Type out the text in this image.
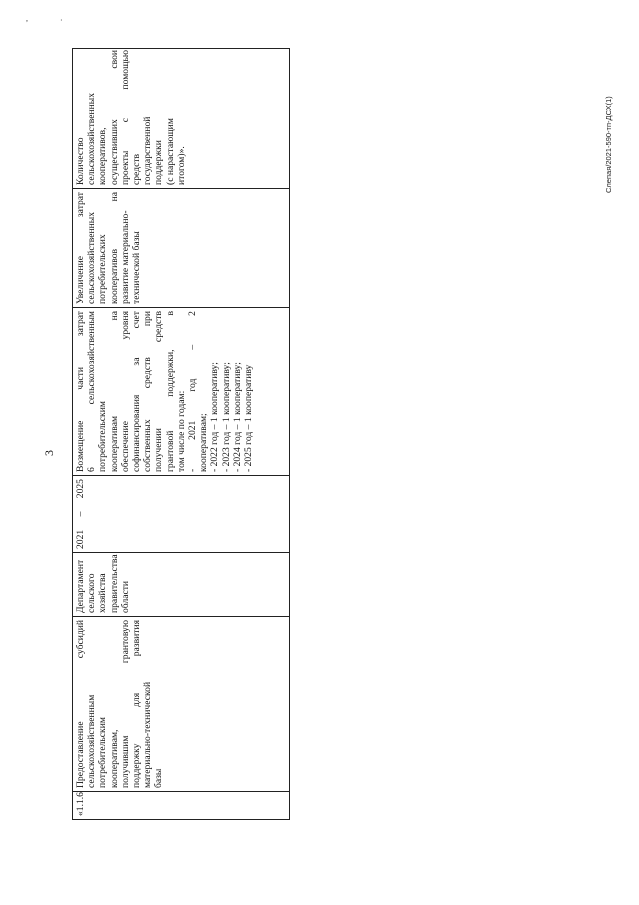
,	·
3
«1.1.6
Предоставление
субсидий
сельскохозяйственным потребительским кооперативам, получившим
грантовую
поддержку
для
развития
материально-технической базы
Департамент сельского хозяйства правительства области
2021
–
2025
Возмещение
части
затрат
6
сельскохозяйственным
потребительским кооперативам
на
обеспечение
уровня
софинансирования
за
счет
собственных
средств
при
получении
средств
грантовой
поддержки,
в
том числе по годам: -
2021
год
–
2
кооперативам; - 2022 год – 1 кооперативу; - 2023 год – 1 кооперативу; - 2024 год – 1 кооперативу; - 2025 год – 1 кооперативу
Увеличение
затрат
сельскохозяйственных потребительских кооперативов
на
развитие материально- технической базы
Количество сельскохозяйственных кооперативов, осуществивших
свои
проекты
с
помощью
средств государственной поддержки (с нарастающим итогом)».	Слепая/2021-590-тп-ДСХ(1)
